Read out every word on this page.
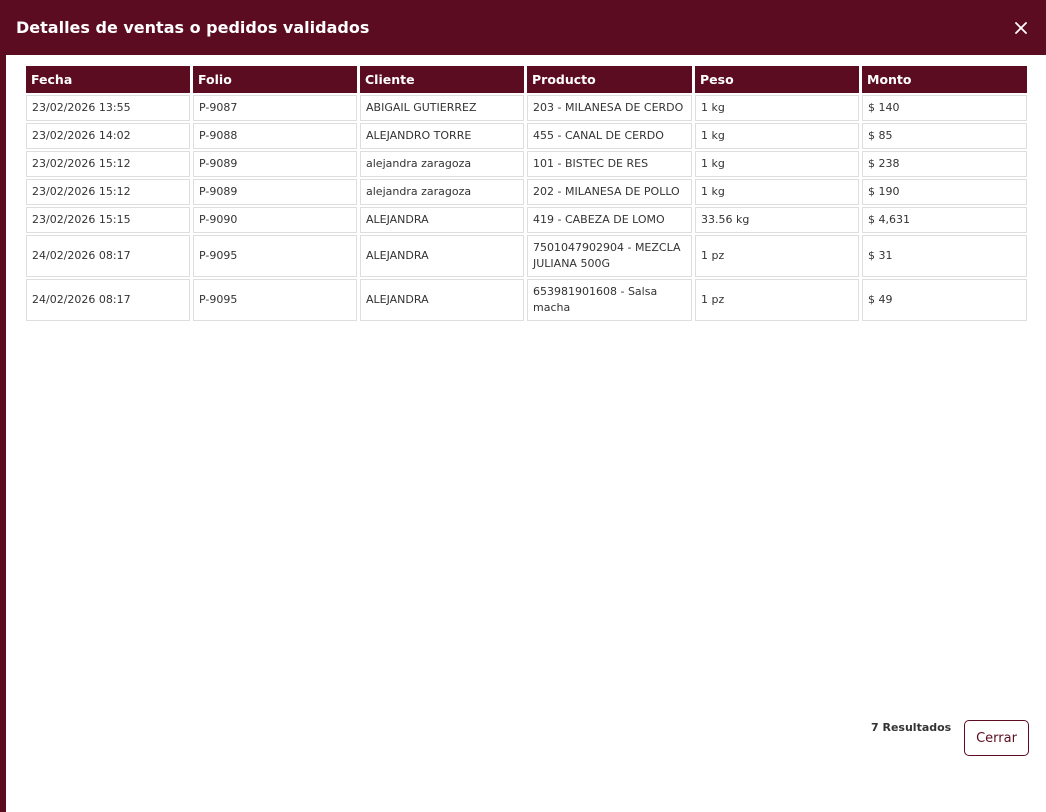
Detalles de ventas o pedidos validados
Fecha	Folio	Cliente	Producto	Peso	Monto
23/02/2026 13:55	P-9087	ABIGAIL GUTIERREZ	203 - MILANESA DE CERDO	1 kg	$ 140
23/02/2026 14:02	P-9088	ALEJANDRO TORRE	455 - CANAL DE CERDO	1 kg	$ 85
23/02/2026 15:12	P-9089	alejandra zaragoza	101 - BISTEC DE RES	1 kg	$ 238
23/02/2026 15:12	P-9089	alejandra zaragoza	202 - MILANESA DE POLLO	1 kg	$ 190
23/02/2026 15:15	P-9090	ALEJANDRA	419 - CABEZA DE LOMO	33.56 kg	$ 4,631
24/02/2026 08:17	P-9095	ALEJANDRA	7501047902904 - MEZCLA JULIANA 500G	1 pz	$ 31
24/02/2026 08:17	P-9095	ALEJANDRA	653981901608 - Salsa macha	1 pz	$ 49
7 Resultados
Cerrar
